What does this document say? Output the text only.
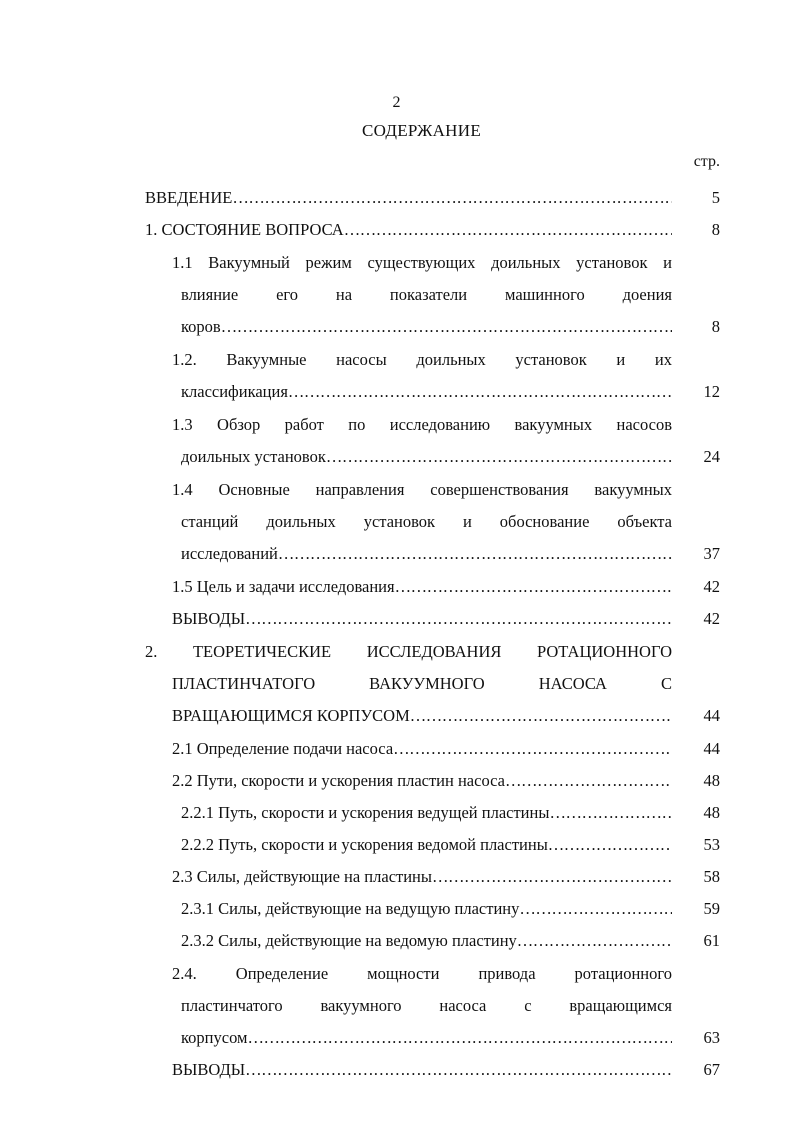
2
СОДЕРЖАНИЕ
стр.
ВВЕДЕНИЕ ……………………………………………………………………………………………………………………………………………………	5
1. СОСТОЯНИЕ ВОПРОСА ……………………………………………………………………………………………………………………………………………………	8
1.1 Вакуумный режим существующих доильных установок и
влияние его на показатели машинного доения
коров ……………………………………………………………………………………………………………………………………………………	8
1.2. Вакуумные насосы доильных установок и их
классификация ……………………………………………………………………………………………………………………………………………………	12
1.3 Обзор работ по исследованию вакуумных насосов
доильных установок ……………………………………………………………………………………………………………………………………………………	24
1.4 Основные направления совершенствования вакуумных
станций доильных установок и обоснование объекта
исследований ……………………………………………………………………………………………………………………………………………………	37
1.5 Цель и задачи исследования ……………………………………………………………………………………………………………………………………………………	42
ВЫВОДЫ ……………………………………………………………………………………………………………………………………………………	42
2. ТЕОРЕТИЧЕСКИЕ ИССЛЕДОВАНИЯ РОТАЦИОННОГО
ПЛАСТИНЧАТОГО ВАКУУМНОГО НАСОСА С
ВРАЩАЮЩИМСЯ КОРПУСОМ ……………………………………………………………………………………………………………………………………………………	44
2.1 Определение подачи насоса ……………………………………………………………………………………………………………………………………………………	44
2.2 Пути, скорости и ускорения пластин насоса ……………………………………………………………………………………………………………………………………………………	48
2.2.1 Путь, скорости и ускорения ведущей пластины ……………………………………………………………………………………………………………………………………………………	48
2.2.2 Путь, скорости и ускорения ведомой пластины ……………………………………………………………………………………………………………………………………………………	53
2.3 Силы, действующие на пластины ……………………………………………………………………………………………………………………………………………………	58
2.3.1 Силы, действующие на ведущую пластину ……………………………………………………………………………………………………………………………………………………	59
2.3.2 Силы, действующие на ведомую пластину ……………………………………………………………………………………………………………………………………………………	61
2.4. Определение мощности привода ротационного
пластинчатого вакуумного насоса с вращающимся
корпусом ……………………………………………………………………………………………………………………………………………………	63
ВЫВОДЫ ……………………………………………………………………………………………………………………………………………………	67
